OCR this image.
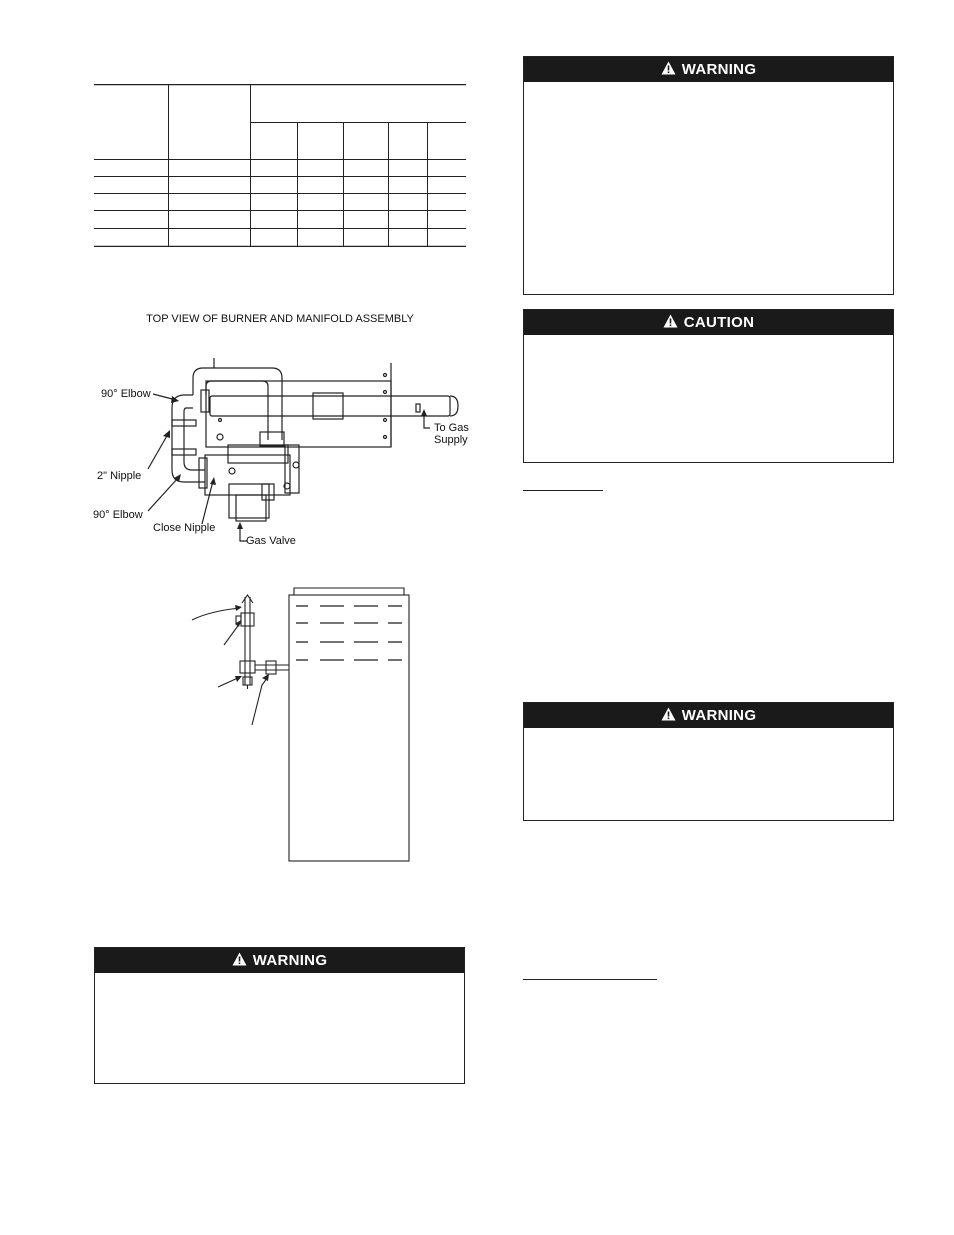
TOP VIEW OF BURNER AND MANIFOLD ASSEMBLY
90° Elbow
2" Nipple
90° Elbow
Close Nipple
Gas Valve
To Gas
Supply
WARNING
CAUTION
WARNING
WARNING
